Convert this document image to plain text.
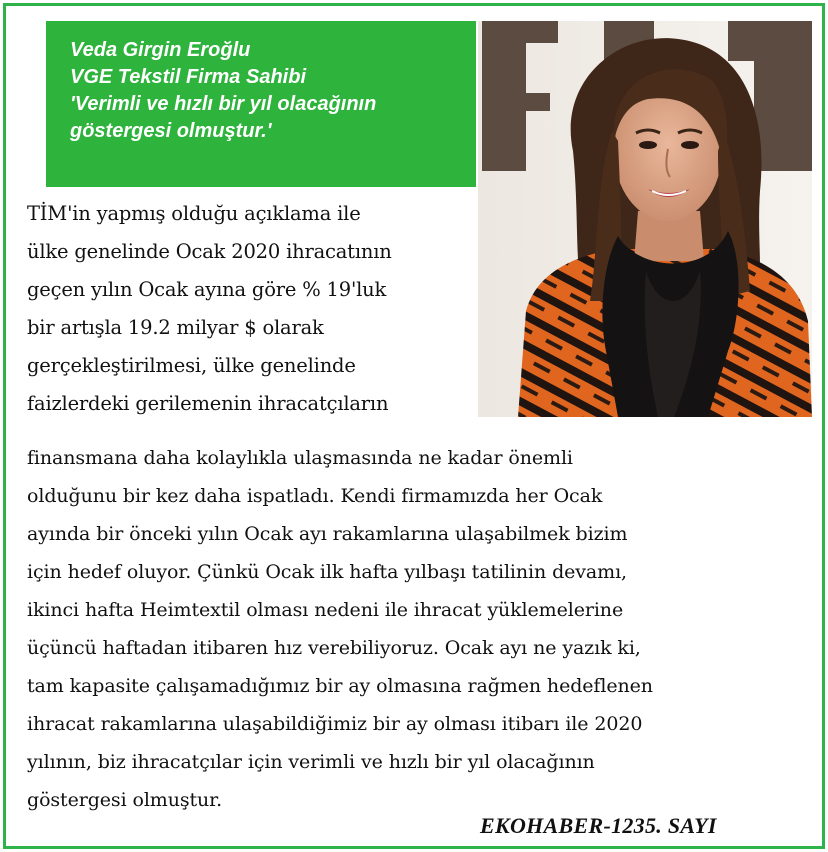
Veda Girgin Eroğlu
VGE Tekstil Firma Sahibi
'Verimli ve hızlı bir yıl olacağının
göstergesi olmuştur.'

TİM'in yapmış olduğu açıklama ile

ülke genelinde Ocak 2020 ihracatının

geçen yılın Ocak ayına göre % 19'luk

bir artışla 19.2 milyar $ olarak

gerçekleştirilmesi, ülke genelinde

faizlerdeki gerilemenin ihracatçıların

finansmana daha kolaylıkla ulaşmasında ne kadar önemli

olduğunu bir kez daha ispatladı. Kendi firmamızda her Ocak

ayında bir önceki yılın Ocak ayı rakamlarına ulaşabilmek bizim

için hedef oluyor. Çünkü Ocak ilk hafta yılbaşı tatilinin devamı,

ikinci hafta Heimtextil olması nedeni ile ihracat yüklemelerine

üçüncü haftadan itibaren hız verebiliyoruz. Ocak ayı ne yazık ki,

tam kapasite çalışamadığımız bir ay olmasına rağmen hedeflenen

ihracat rakamlarına ulaşabildiğimiz bir ay olması itibarı ile 2020

yılının, biz ihracatçılar için verimli ve hızlı bir yıl olacağının

göstergesi olmuştur.

EKOHABER-1235. SAYI
